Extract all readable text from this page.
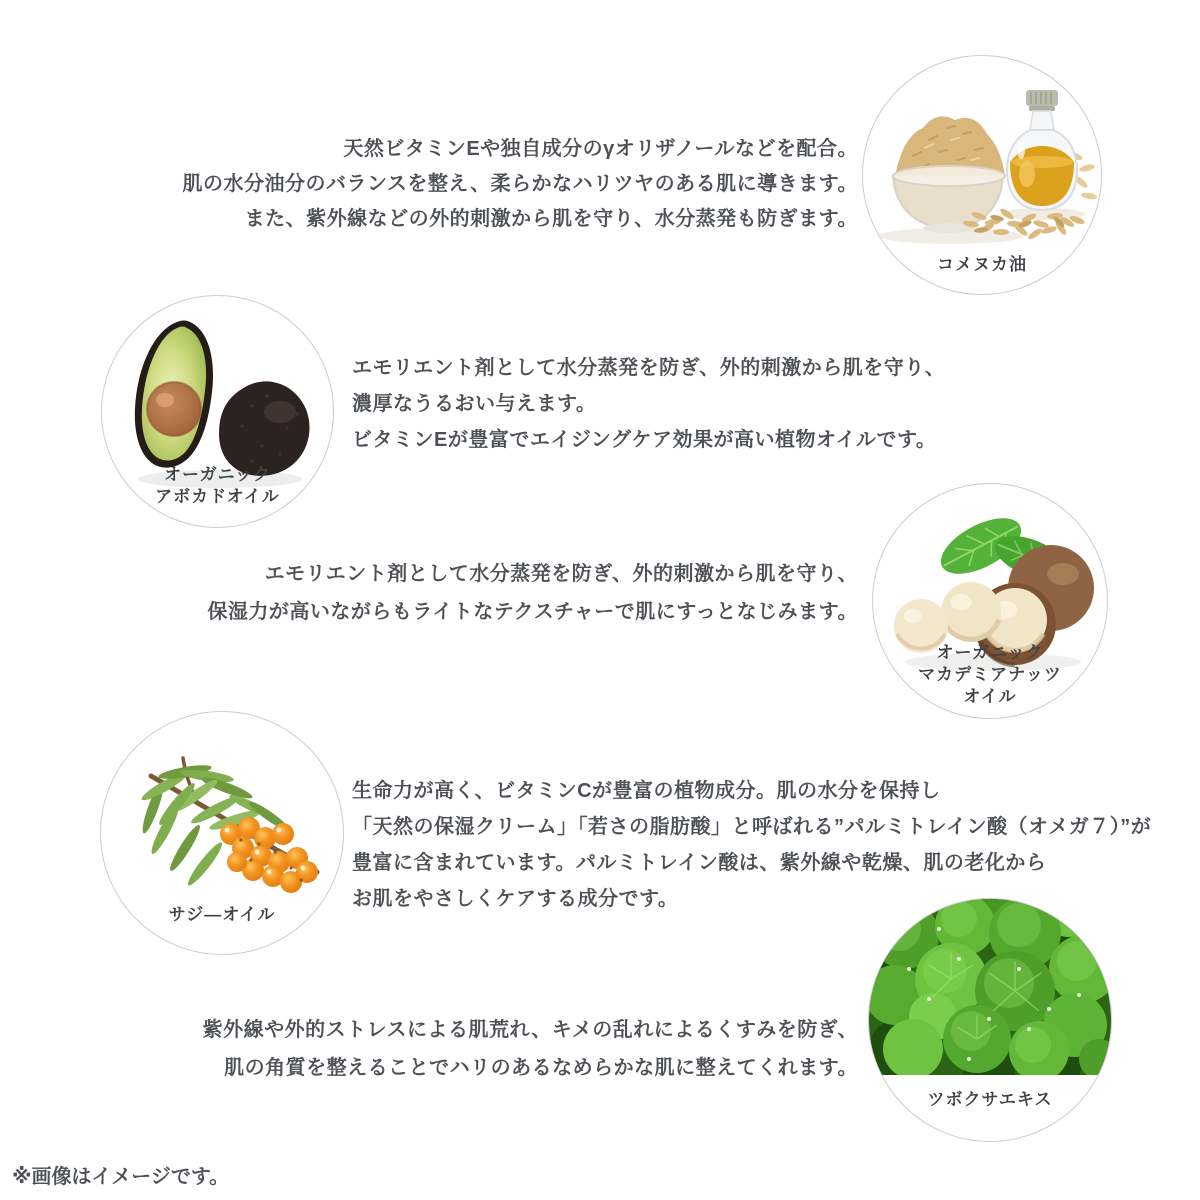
天然ビタミンEや独自成分のγオリザノールなどを配合。
肌の水分油分のバランスを整え、柔らかなハリツヤのある肌に導きます。
また、紫外線などの外的刺激から肌を守り、水分蒸発も防ぎます。
コメヌカ油
オーガニック
アボカドオイル
エモリエント剤として水分蒸発を防ぎ、外的刺激から肌を守り、
濃厚なうるおい与えます。
ビタミンEが豊富でエイジングケア効果が高い植物オイルです。
エモリエント剤として水分蒸発を防ぎ、外的刺激から肌を守り、
保湿力が高いながらもライトなテクスチャーで肌にすっとなじみます。
オーガニック
マカデミアナッツ
オイル
サジ―オイル
生命力が高く、ビタミンCが豊富の植物成分。肌の水分を保持し
「天然の保湿クリーム」「若さの脂肪酸」と呼ばれる”パルミトレイン酸（オメガ７）”が
豊富に含まれています。パルミトレイン酸は、紫外線や乾燥、肌の老化から
お肌をやさしくケアする成分です。
紫外線や外的ストレスによる肌荒れ、キメの乱れによるくすみを防ぎ、
肌の角質を整えることでハリのあるなめらかな肌に整えてくれます。
ツボクサエキス
※画像はイメージです。
